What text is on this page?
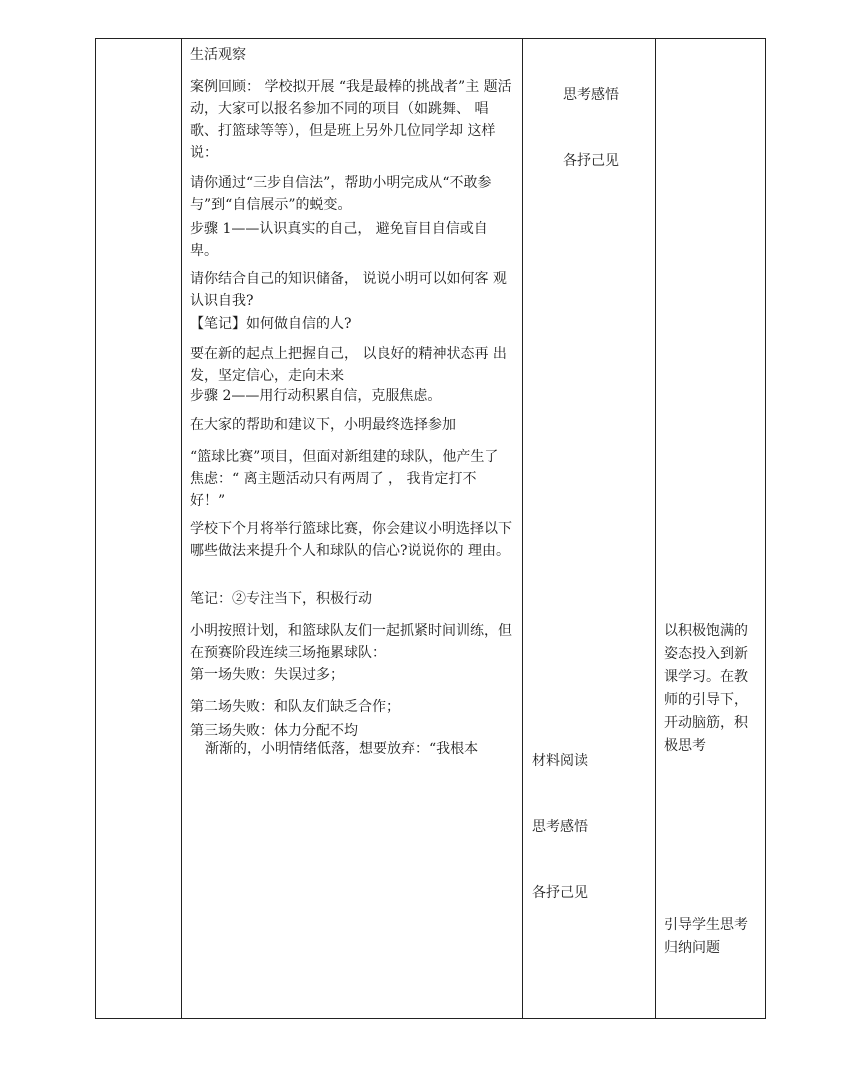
生活观察
案例回顾： 学校拟开展 “我是最棒的挑战者”主 题活动，大家可以报名参加不同的项目（如跳舞、 唱歌、打篮球等等），但是班上另外几位同学却 这样说：
请你通过“三步自信法”，帮助小明完成从“不敢参 与”到“自信展示”的蜕变。
步骤 1——认识真实的自己， 避免盲目自信或自 卑。
请你结合自己的知识储备， 说说小明可以如何客 观认识自我?
【笔记】如何做自信的人?
要在新的起点上把握自己， 以良好的精神状态再 出发，坚定信心，走向未来
步骤 2——用行动积累自信，克服焦虑。
在大家的帮助和建议下，小明最终选择参加
“篮球比赛”项目，但面对新组建的球队，他产生了 焦虑：“ 离主题活动只有两周了 ， 我肯定打不 好！”
学校下个月将举行篮球比赛，你会建议小明选择以下哪些做法来提升个人和球队的信心?说说你的 理由。
笔记：②专注当下，积极行动
小明按照计划，和篮球队友们一起抓紧时间训练，但在预赛阶段连续三场拖累球队：
第一场失败：失误过多；
第二场失败：和队友们缺乏合作；
第三场失败：体力分配不均
渐渐的，小明情绪低落，想要放弃：“我根本
思考感悟
各抒己见
材料阅读
思考感悟
各抒己见
以积极饱满的姿态投入到新课学习。在教师的引导下，开动脑筋，积 极思考
引导学生思考归纳问题
